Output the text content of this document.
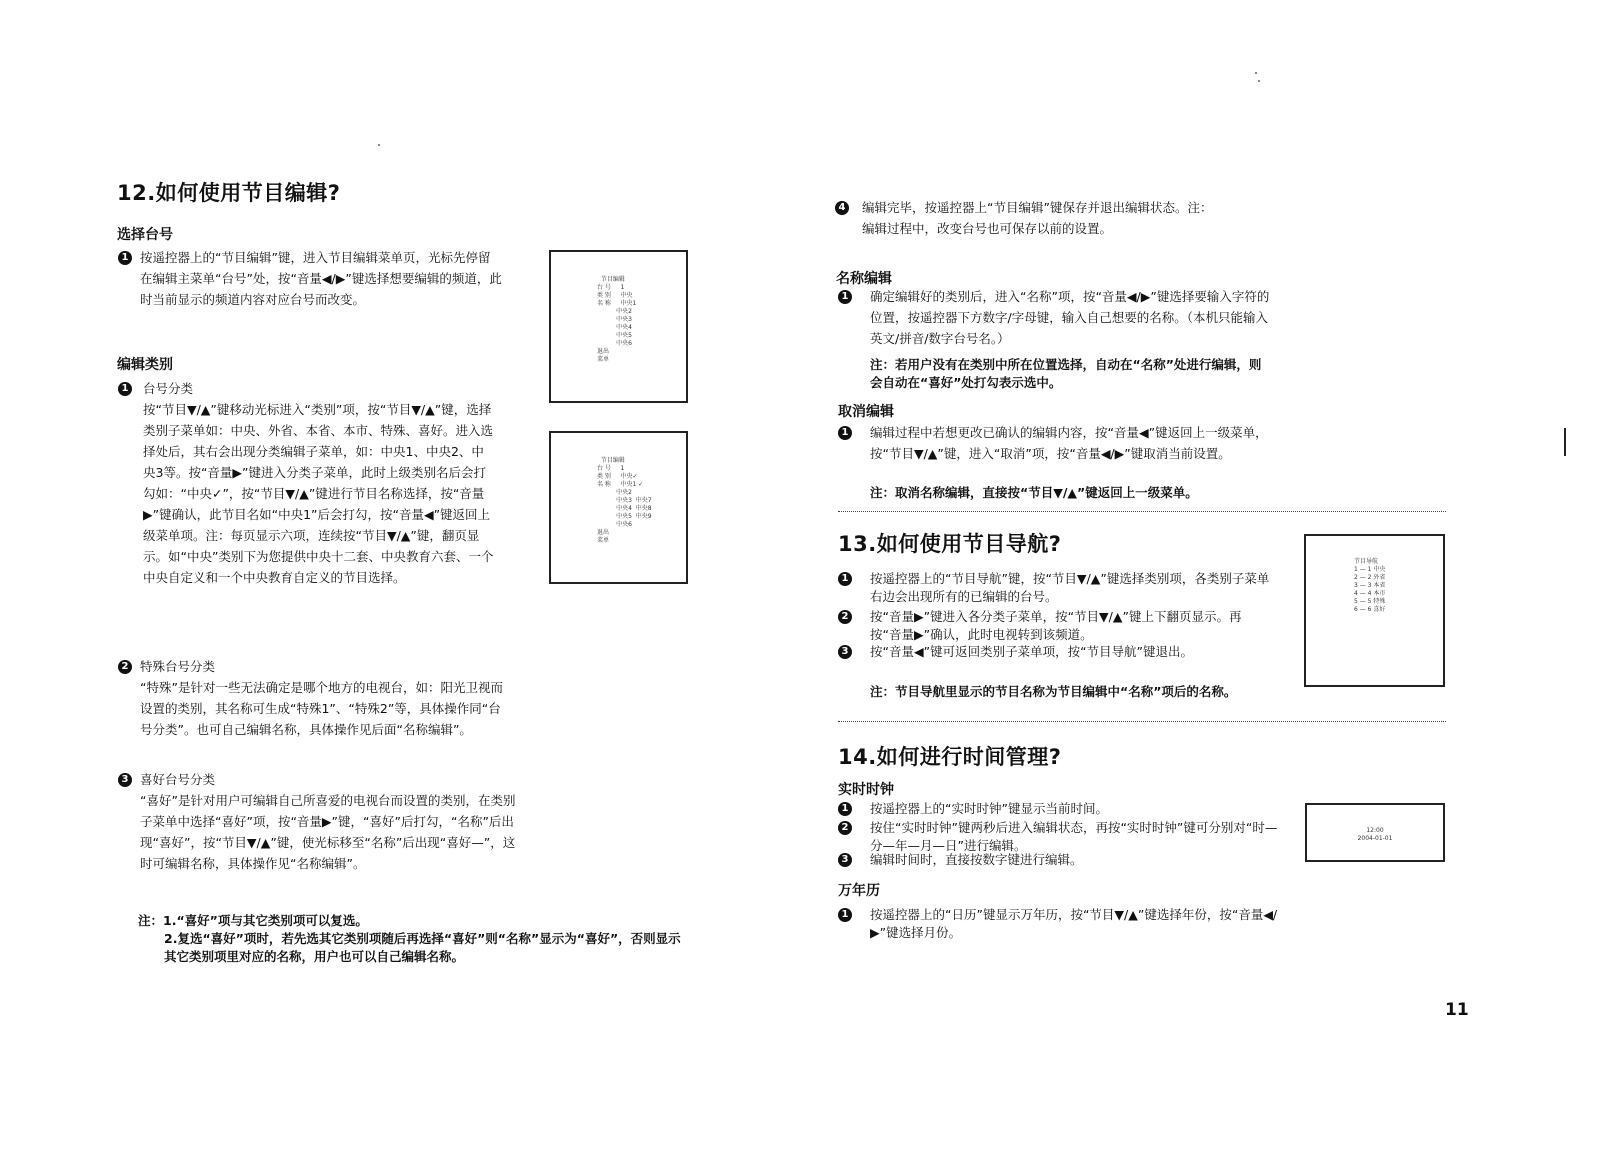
12.如何使用节目编辑?
选择台号
1 按遥控器上的“节目编辑”键，进入节目编辑菜单页，光标先停留在编辑主菜单“台号”处，按“音量◀/▶”键选择想要编辑的频道，此时当前显示的频道内容对应台号而改变。
编辑类别
1 台号分类
按“节目▼/▲”键移动光标进入“类别”项，按“节目▼/▲”键，选择类别子菜单如：中央、外省、本省、本市、特殊、喜好。进入选择处后，其右会出现分类编辑子菜单，如：中央1、中央2、中央3等。按“音量▶”键进入分类子菜单，此时上级类别名后会打勾如：“中央✓”，按“节目▼/▲”键进行节目名称选择，按“音量▶”键确认，此节目名如“中央1”后会打勾，按“音量◀”键返回上级菜单项。注：每页显示六项，连续按“节目▼/▲”键，翻页显示。如“中央”类别下为您提供中央十二套、中央教育六套、一个中央自定义和一个中央教育自定义的节目选择。
2 特殊台号分类
“特殊”是针对一些无法确定是哪个地方的电视台，如：阳光卫视而设置的类别，其名称可生成“特殊1”、“特殊2”等，具体操作同“台号分类”。也可自己编辑名称，具体操作见后面“名称编辑”。
3 喜好台号分类
“喜好”是针对用户可编辑自己所喜爱的电视台而设置的类别，在类别子菜单中选择“喜好”项，按“音量▶”键，“喜好”后打勾，“名称”后出现“喜好”，按“节目▼/▲”键，使光标移至“名称”后出现“喜好—”，这时可编辑名称，具体操作见“名称编辑”。
注：1.“喜好”项与其它类别项可以复选。
2.复选“喜好”项时，若先选其它类别项随后再选择“喜好”则“名称”显示为“喜好”，否则显示其它类别项里对应的名称，用户也可以自己编辑名称。
节目编辑
台 号     1
类 别     中央
名 称     中央1
中央2
中央3
中央4
中央5
中央6
退出
菜单
节目编辑
台 号     1
类 别     中央✓
名 称     中央1 ✓
中央2
中央3  中央7
中央4  中央8
中央5  中央9
中央6
退出
菜单
4 编辑完毕，按遥控器上“节目编辑”键保存并退出编辑状态。注：编辑过程中，改变台号也可保存以前的设置。
名称编辑
1 确定编辑好的类别后，进入“名称”项，按“音量◀/▶”键选择要输入字符的位置，按遥控器下方数字/字母键，输入自己想要的名称。（本机只能输入英文/拼音/数字台号名。）
注：若用户没有在类别中所在位置选择，自动在“名称”处进行编辑，则会自动在“喜好”处打勾表示选中。
取消编辑
1 编辑过程中若想更改已确认的编辑内容，按“音量◀”键返回上一级菜单，按“节目▼/▲”键，进入“取消”项，按“音量◀/▶”键取消当前设置。
注：取消名称编辑，直接按“节目▼/▲”键返回上一级菜单。
13.如何使用节目导航?
1 按遥控器上的“节目导航”键，按“节目▼/▲”键选择类别项，各类别子菜单右边会出现所有的已编辑的台号。
2 按“音量▶”键进入各分类子菜单，按“节目▼/▲”键上下翻页显示。再按“音量▶”确认，此时电视转到该频道。
3 按“音量◀”键可返回类别子菜单项，按“节目导航”键退出。
注：节目导航里显示的节目名称为节目编辑中“名称”项后的名称。
节目导航
1 — 1 中央
2 — 2 外省
3 — 3 本省
4 — 4 本市
5 — 5 特殊
6 — 6 喜好
14.如何进行时间管理?
实时时钟
1 按遥控器上的“实时时钟”键显示当前时间。
2 按住“实时时钟”键两秒后进入编辑状态，再按“实时时钟”键可分别对“时—分—年—月—日”进行编辑。
3 编辑时间时，直接按数字键进行编辑。
12:00
2004-01-01
万年历
1 按遥控器上的“日历”键显示万年历，按“节目▼/▲”键选择年份，按“音量◀/▶”键选择月份。
11
